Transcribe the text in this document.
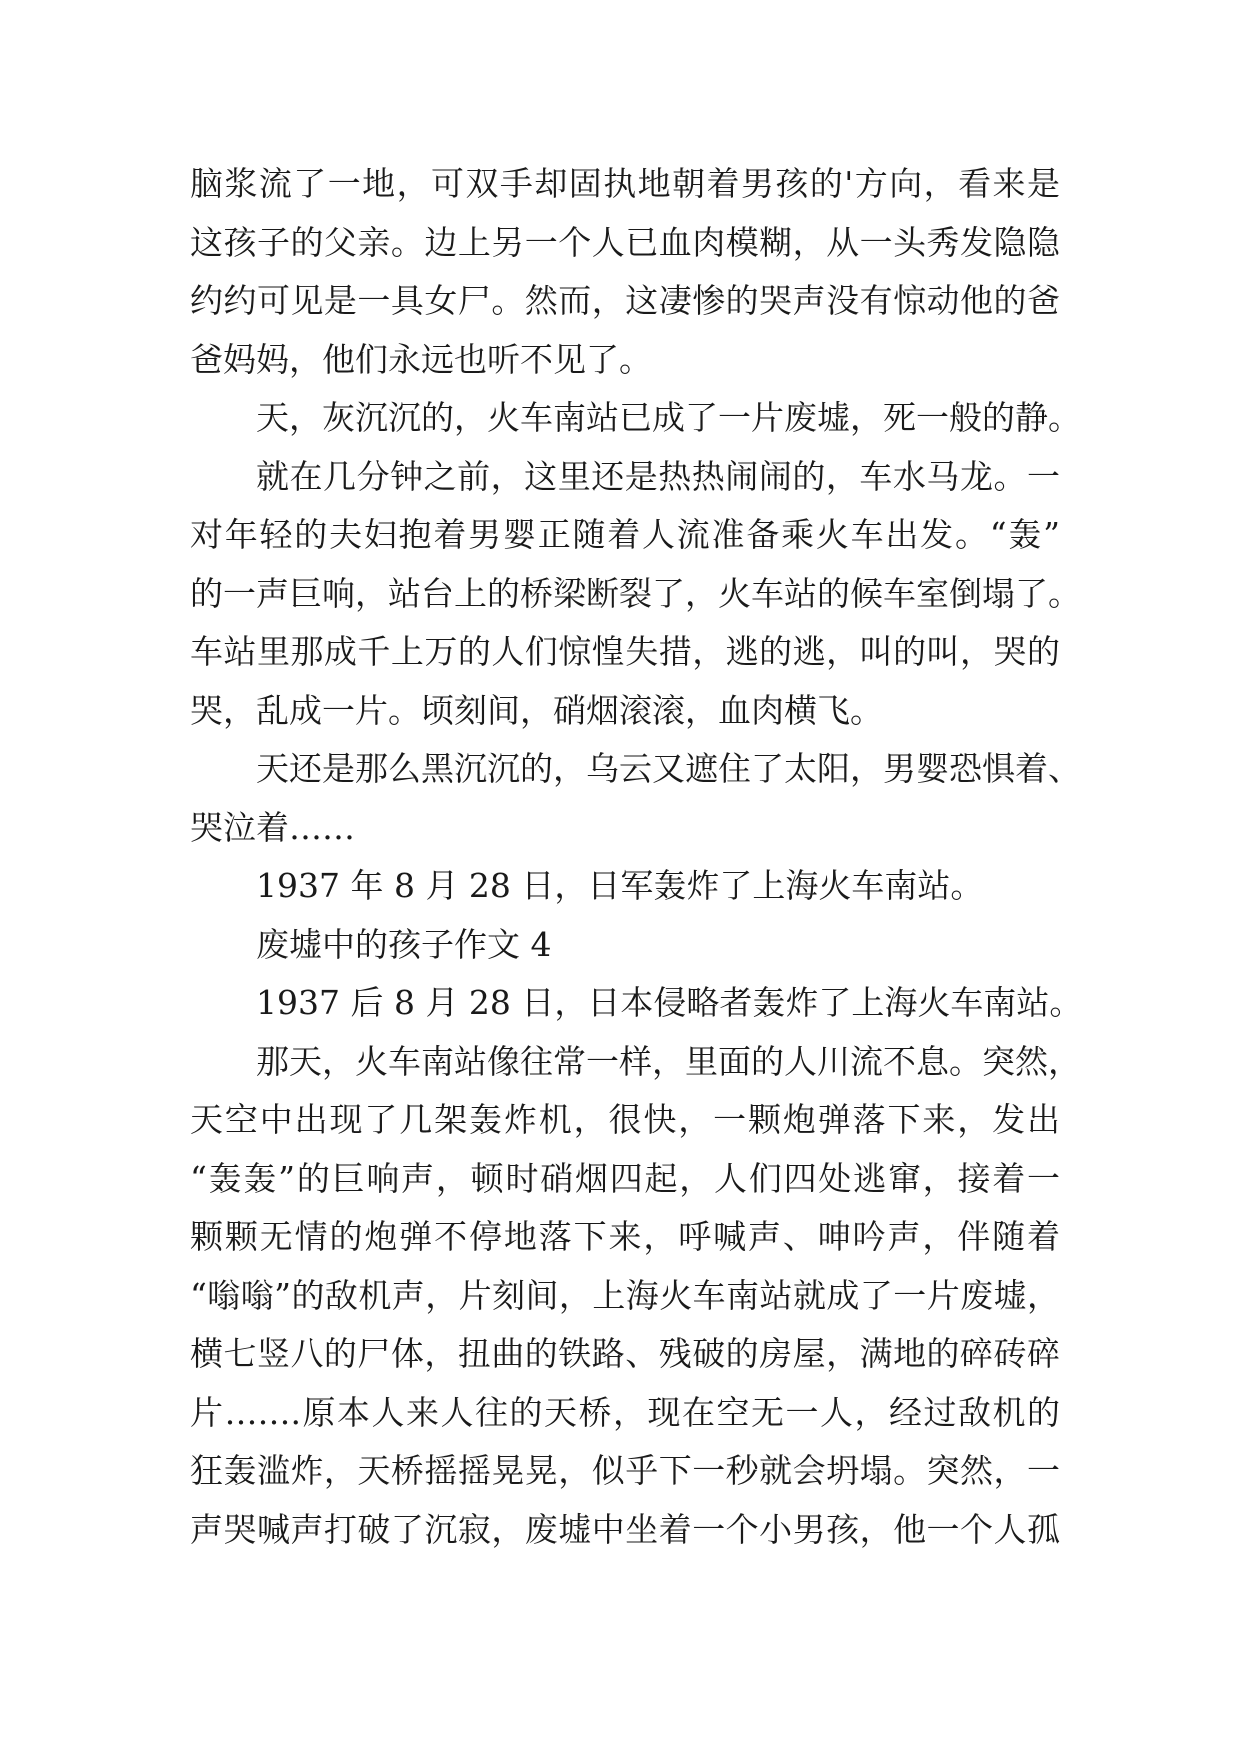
脑浆流了一地，可双手却固执地朝着男孩的'方向，看来是
这孩子的父亲。边上另一个人已血肉模糊，从一头秀发隐隐
约约可见是一具女尸。然而，这凄惨的哭声没有惊动他的爸
爸妈妈，他们永远也听不见了。
天，灰沉沉的，火车南站已成了一片废墟，死一般的静。
就在几分钟之前，这里还是热热闹闹的，车水马龙。一
对年轻的夫妇抱着男婴正随着人流准备乘火车出发。“轰”
的一声巨响，站台上的桥梁断裂了，火车站的候车室倒塌了。
车站里那成千上万的人们惊惶失措，逃的逃，叫的叫，哭的
哭，乱成一片。顷刻间，硝烟滚滚，血肉横飞。
天还是那么黑沉沉的，乌云又遮住了太阳，男婴恐惧着、
哭泣着……
1937 年 8 月 28 日，日军轰炸了上海火车南站。
废墟中的孩子作文 4
1937 后 8 月 28 日，日本侵略者轰炸了上海火车南站。
那天，火车南站像往常一样，里面的人川流不息。突然，
天空中出现了几架轰炸机，很快，一颗炮弹落下来，发出
“轰轰”的巨响声，顿时硝烟四起，人们四处逃窜，接着一
颗颗无情的炮弹不停地落下来，呼喊声、呻吟声，伴随着
“嗡嗡”的敌机声，片刻间，上海火车南站就成了一片废墟，
横七竖八的尸体，扭曲的铁路、残破的房屋，满地的碎砖碎
片…….原本人来人往的天桥，现在空无一人，经过敌机的
狂轰滥炸，天桥摇摇晃晃，似乎下一秒就会坍塌。突然，一
声哭喊声打破了沉寂，废墟中坐着一个小男孩，他一个人孤
